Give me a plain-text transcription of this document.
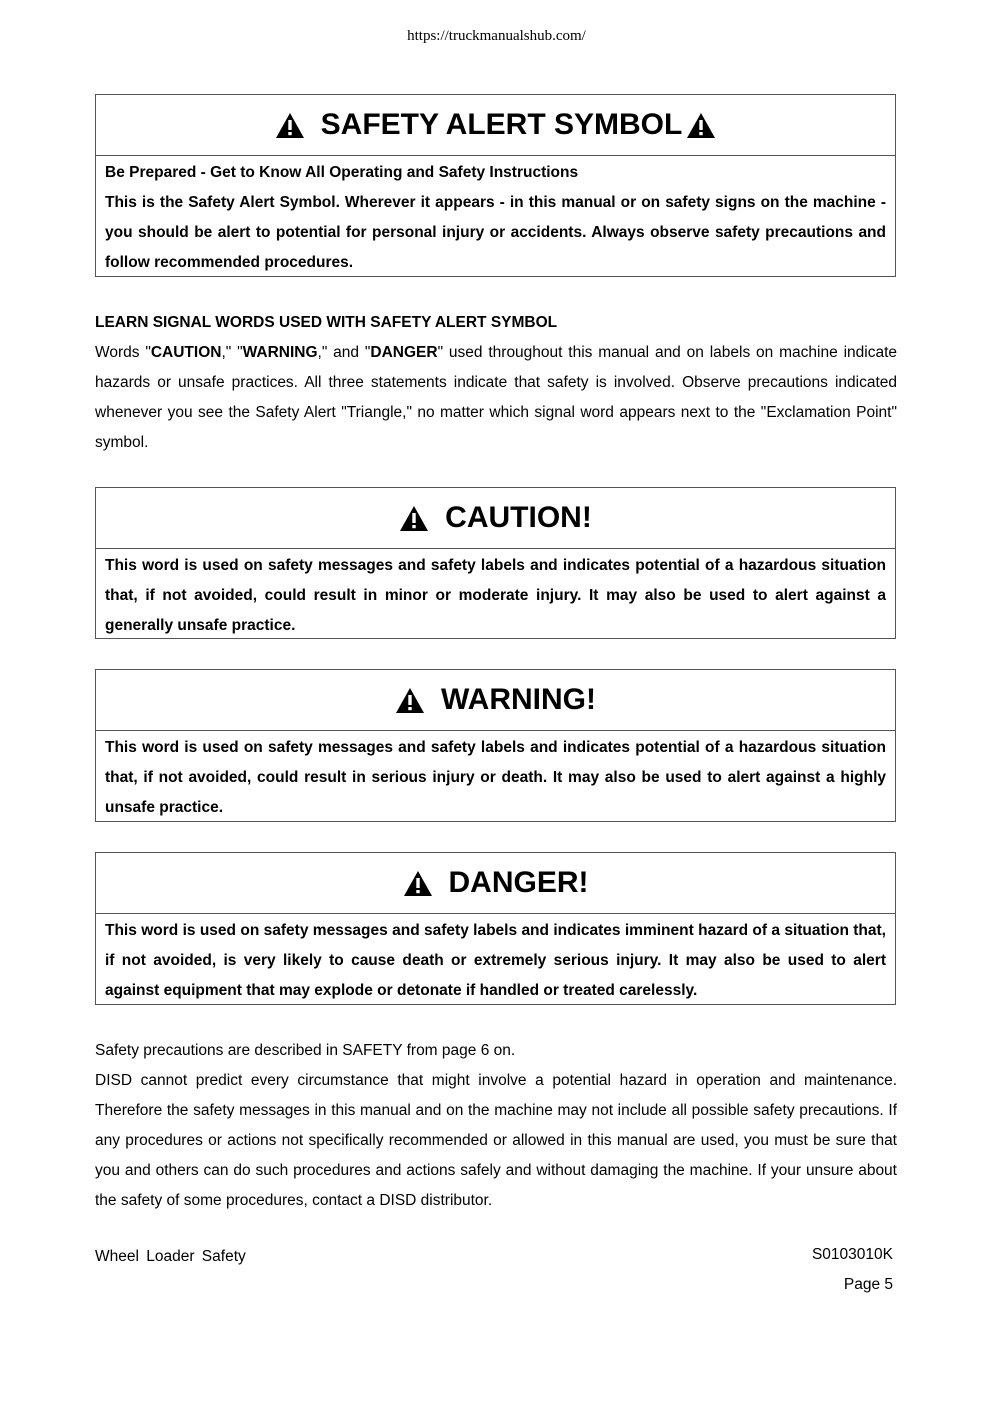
https://truckmanualshub.com/
SAFETY ALERT SYMBOL
Be Prepared - Get to Know All Operating and Safety Instructions
This is the Safety Alert Symbol. Wherever it appears - in this manual or on safety signs on the machine - you should be alert to potential for personal injury or accidents. Always observe safety precautions and follow recommended procedures.
LEARN SIGNAL WORDS USED WITH SAFETY ALERT SYMBOL
Words "CAUTION," "WARNING," and "DANGER" used throughout this manual and on labels on machine indicate hazards or unsafe practices. All three statements indicate that safety is involved. Observe precautions indicated whenever you see the Safety Alert "Triangle," no matter which signal word appears next to the "Exclamation Point" symbol.
CAUTION!
This word is used on safety messages and safety labels and indicates potential of a hazardous situation that, if not avoided, could result in minor or moderate injury. It may also be used to alert against a generally unsafe practice.
WARNING!
This word is used on safety messages and safety labels and indicates potential of a hazardous situation that, if not avoided, could result in serious injury or death. It may also be used to alert against a highly unsafe practice.
DANGER!
This word is used on safety messages and safety labels and indicates imminent hazard of a situation that, if not avoided, is very likely to cause death or extremely serious injury. It may also be used to alert against equipment that may explode or detonate if handled or treated carelessly.
Safety precautions are described in SAFETY from page 6 on.
DISD cannot predict every circumstance that might involve a potential hazard in operation and maintenance. Therefore the safety messages in this manual and on the machine may not include all possible safety precautions. If any procedures or actions not specifically recommended or allowed in this manual are used, you must be sure that you and others can do such procedures and actions safely and without damaging the machine. If your unsure about the safety of some procedures, contact a DISD distributor.
Wheel Loader Safety	S0103010K
Page 5
